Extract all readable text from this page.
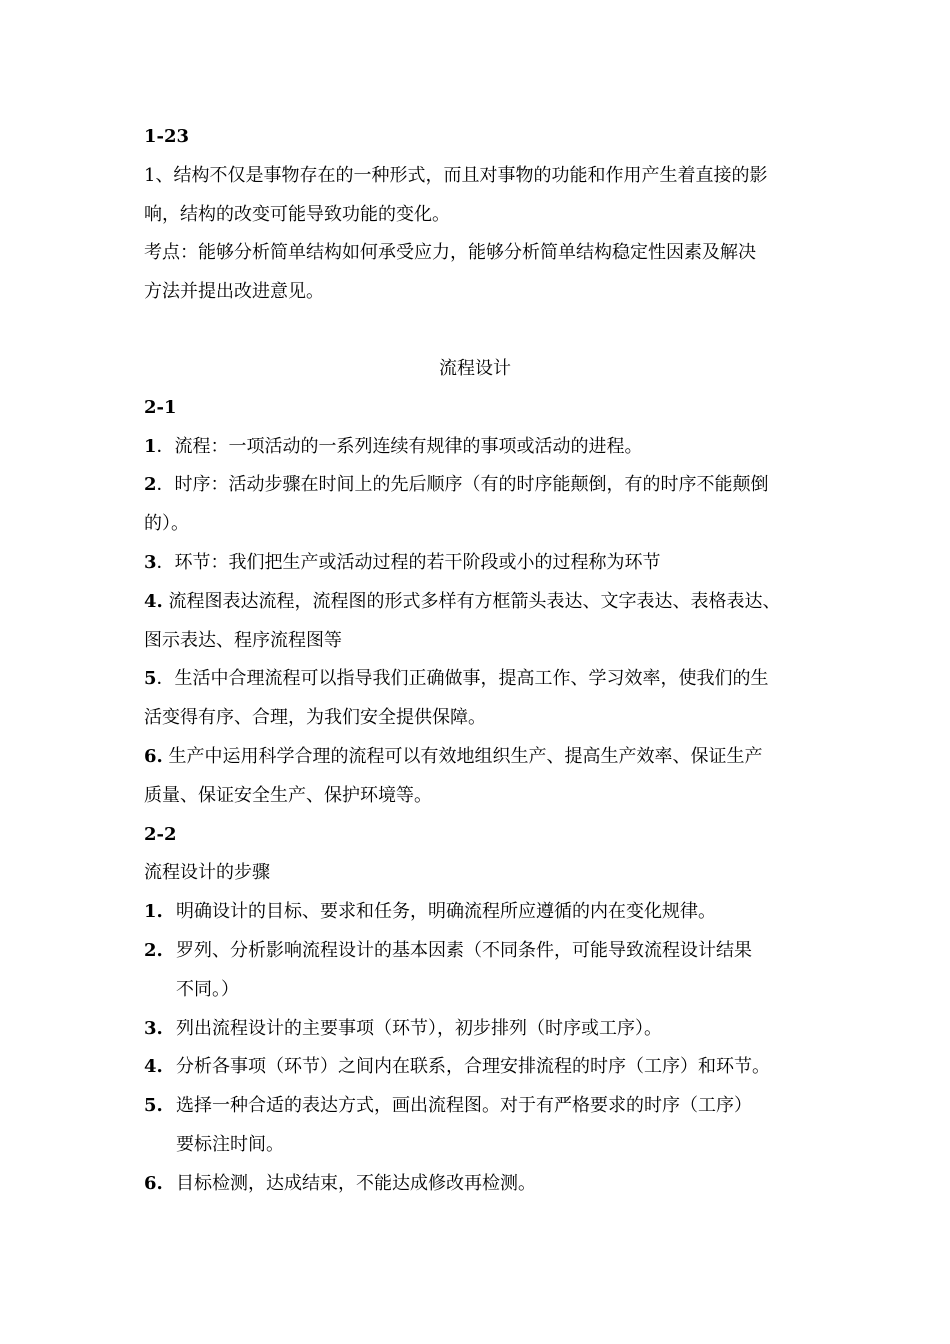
1-23

1、结构不仅是事物存在的一种形式，而且对事物的功能和作用产生着直接的影

响，结构的改变可能导致功能的变化。

考点：能够分析简单结构如何承受应力，能够分析简单结构稳定性因素及解决

方法并提出改进意见。

流程设计

2-1

1．流程：一项活动的一系列连续有规律的事项或活动的进程。

2．时序：活动步骤在时间上的先后顺序（有的时序能颠倒，有的时序不能颠倒

的）。

3．环节：我们把生产或活动过程的若干阶段或小的过程称为环节

4. 流程图表达流程，流程图的形式多样有方框箭头表达、文字表达、表格表达、

图示表达、程序流程图等

5．生活中合理流程可以指导我们正确做事，提高工作、学习效率，使我们的生

活变得有序、合理，为我们安全提供保障。

6. 生产中运用科学合理的流程可以有效地组织生产、提高生产效率、保证生产

质量、保证安全生产、保护环境等。

2-2

流程设计的步骤

1. 明确设计的目标、要求和任务，明确流程所应遵循的内在变化规律。
2. 罗列、分析影响流程设计的基本因素（不同条件，可能导致流程设计结果
不同。）
3. 列出流程设计的主要事项（环节），初步排列（时序或工序）。
4. 分析各事项（环节）之间内在联系，合理安排流程的时序（工序）和环节。
5. 选择一种合适的表达方式，画出流程图。对于有严格要求的时序（工序）
要标注时间。
6. 目标检测，达成结束，不能达成修改再检测。
